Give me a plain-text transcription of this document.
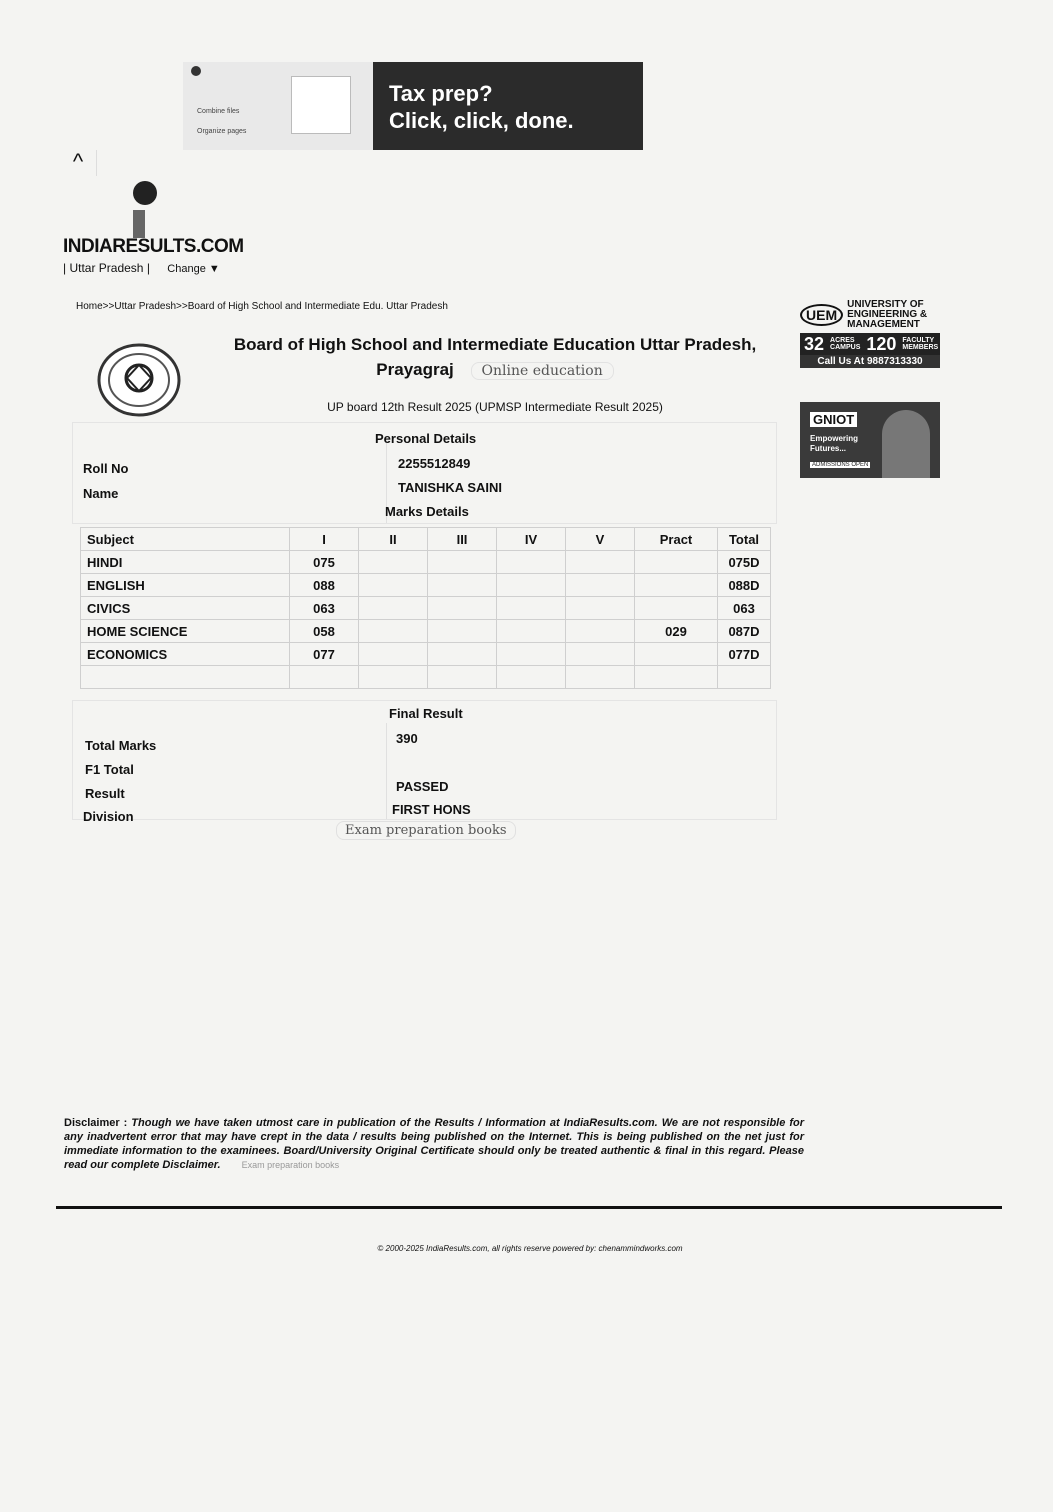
Combine files
Organize pages
Tax prep?
Click, click, done.
^
INDIARESULTS.COM
| Uttar Pradesh | Change ▼
Home>>Uttar Pradesh>>Board of High School and Intermediate Edu. Uttar Pradesh
Board of High School and Intermediate Education Uttar Pradesh,
Prayagraj Online education
UP board 12th Result 2025 (UPMSP Intermediate Result 2025)
UEM
UNIVERSITY OF
ENGINEERING &
MANAGEMENT
32 ACRES CAMPUS 120 FACULTY MEMBERS
Call Us At 9887313330
GNIOT
Empowering Futures...
ADMISSIONS OPEN
Personal Details
Roll No	2255512849
Name	TANISHKA SAINI
Marks Details
Subject	I	II	III	IV	V	Pract	Total
HINDI	075						075D
ENGLISH	088						088D
CIVICS	063						063
HOME SCIENCE	058					029	087D
ECONOMICS	077						077D

Final Result
Total Marks	390
F1 Total
Result	PASSED
Division	FIRST HONS
Exam preparation books
Disclaimer : Though we have taken utmost care in publication of the Results / Information at IndiaResults.com. We are not responsible for any inadvertent error that may have crept in the data / results being published on the Internet. This is being published on the net just for immediate information to the examinees. Board/University Original Certificate should only be treated authentic & final in this regard. Please read our complete Disclaimer. Exam preparation books
© 2000-2025 IndiaResults.com, all rights reserve powered by: chenammindworks.com
